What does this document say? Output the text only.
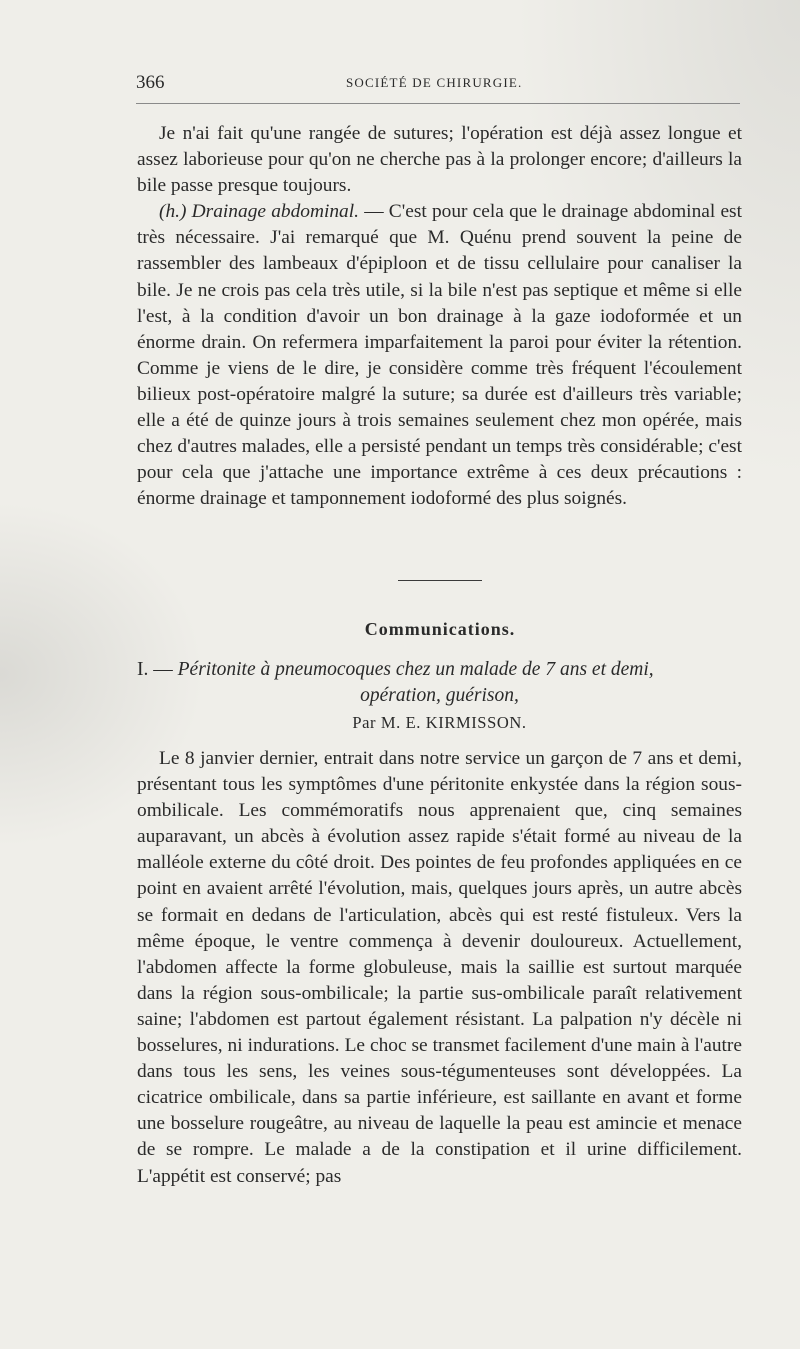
366	SOCIÉTÉ DE CHIRURGIE.

Je n'ai fait qu'une rangée de sutures; l'opération est déjà assez longue et assez laborieuse pour qu'on ne cherche pas à la prolonger encore; d'ailleurs la bile passe presque toujours.

(h.) Drainage abdominal. — C'est pour cela que le drainage abdominal est très nécessaire. J'ai remarqué que M. Quénu prend souvent la peine de rassembler des lambeaux d'épiploon et de tissu cellulaire pour canaliser la bile. Je ne crois pas cela très utile, si la bile n'est pas septique et même si elle l'est, à la condition d'avoir un bon drainage à la gaze iodoformée et un énorme drain. On refermera imparfaitement la paroi pour éviter la rétention. Comme je viens de le dire, je considère comme très fréquent l'écoulement bilieux post-opératoire malgré la suture; sa durée est d'ailleurs très variable; elle a été de quinze jours à trois semaines seulement chez mon opérée, mais chez d'autres malades, elle a persisté pendant un temps très considérable; c'est pour cela que j'attache une importance extrême à ces deux précautions : énorme drainage et tamponnement iodoformé des plus soignés.

Communications.
I. — Péritonite à pneumocoques chez un malade de 7 ans et demi,
opération, guérison,
Par M. E. KIRMISSON.

Le 8 janvier dernier, entrait dans notre service un garçon de 7 ans et demi, présentant tous les symptômes d'une péritonite enkystée dans la région sous-ombilicale. Les commémoratifs nous apprenaient que, cinq semaines auparavant, un abcès à évolution assez rapide s'était formé au niveau de la malléole externe du côté droit. Des pointes de feu profondes appliquées en ce point en avaient arrêté l'évolution, mais, quelques jours après, un autre abcès se formait en dedans de l'articulation, abcès qui est resté fistuleux. Vers la même époque, le ventre commença à devenir douloureux. Actuellement, l'abdomen affecte la forme globuleuse, mais la saillie est surtout marquée dans la région sous-ombilicale; la partie sus-ombilicale paraît relativement saine; l'abdomen est partout également résistant. La palpation n'y décèle ni bosselures, ni indurations. Le choc se transmet facilement d'une main à l'autre dans tous les sens, les veines sous-tégumenteuses sont développées. La cicatrice ombilicale, dans sa partie inférieure, est saillante en avant et forme une bosselure rougeâtre, au niveau de laquelle la peau est amincie et menace de se rompre. Le malade a de la constipation et il urine difficilement. L'appétit est conservé; pas
